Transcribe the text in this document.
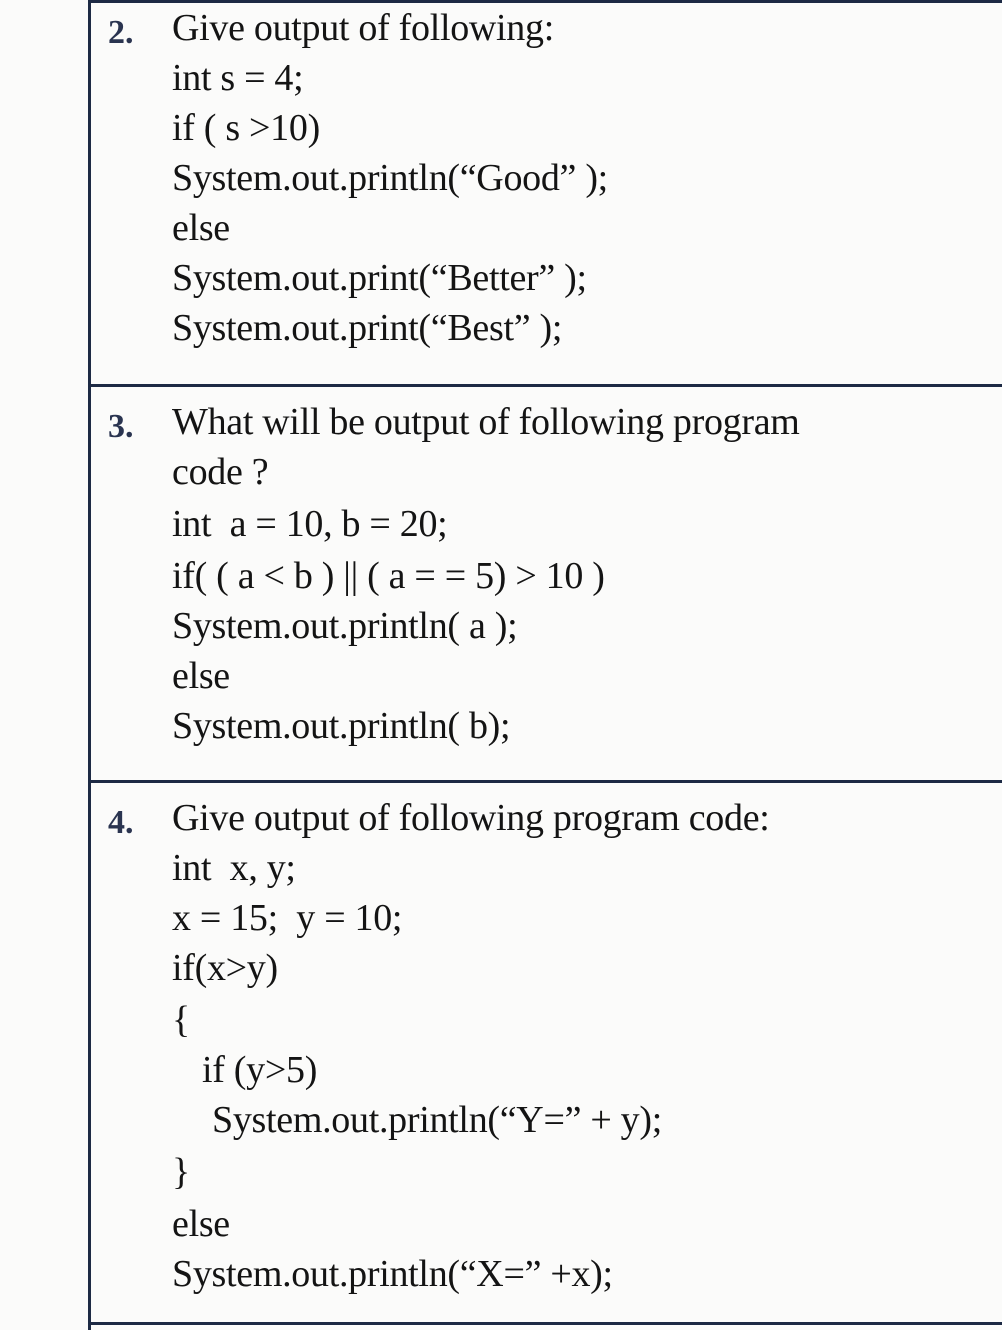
2. Give output of following:
int s = 4;
if ( s >10)
System.out.println(“Good” );
else
System.out.print(“Better” );
System.out.print(“Best” );
3. What will be output of following program
code ?
int  a = 10, b = 20;
if( ( a < b ) || ( a = = 5) > 10 )
System.out.println( a );
else
System.out.println( b);
4. Give output of following program code:
int  x, y;
x = 15;  y = 10;
if(x>y)
{
if (y>5)
System.out.println(“Y=” + y);
}
else
System.out.println(“X=” +x);
